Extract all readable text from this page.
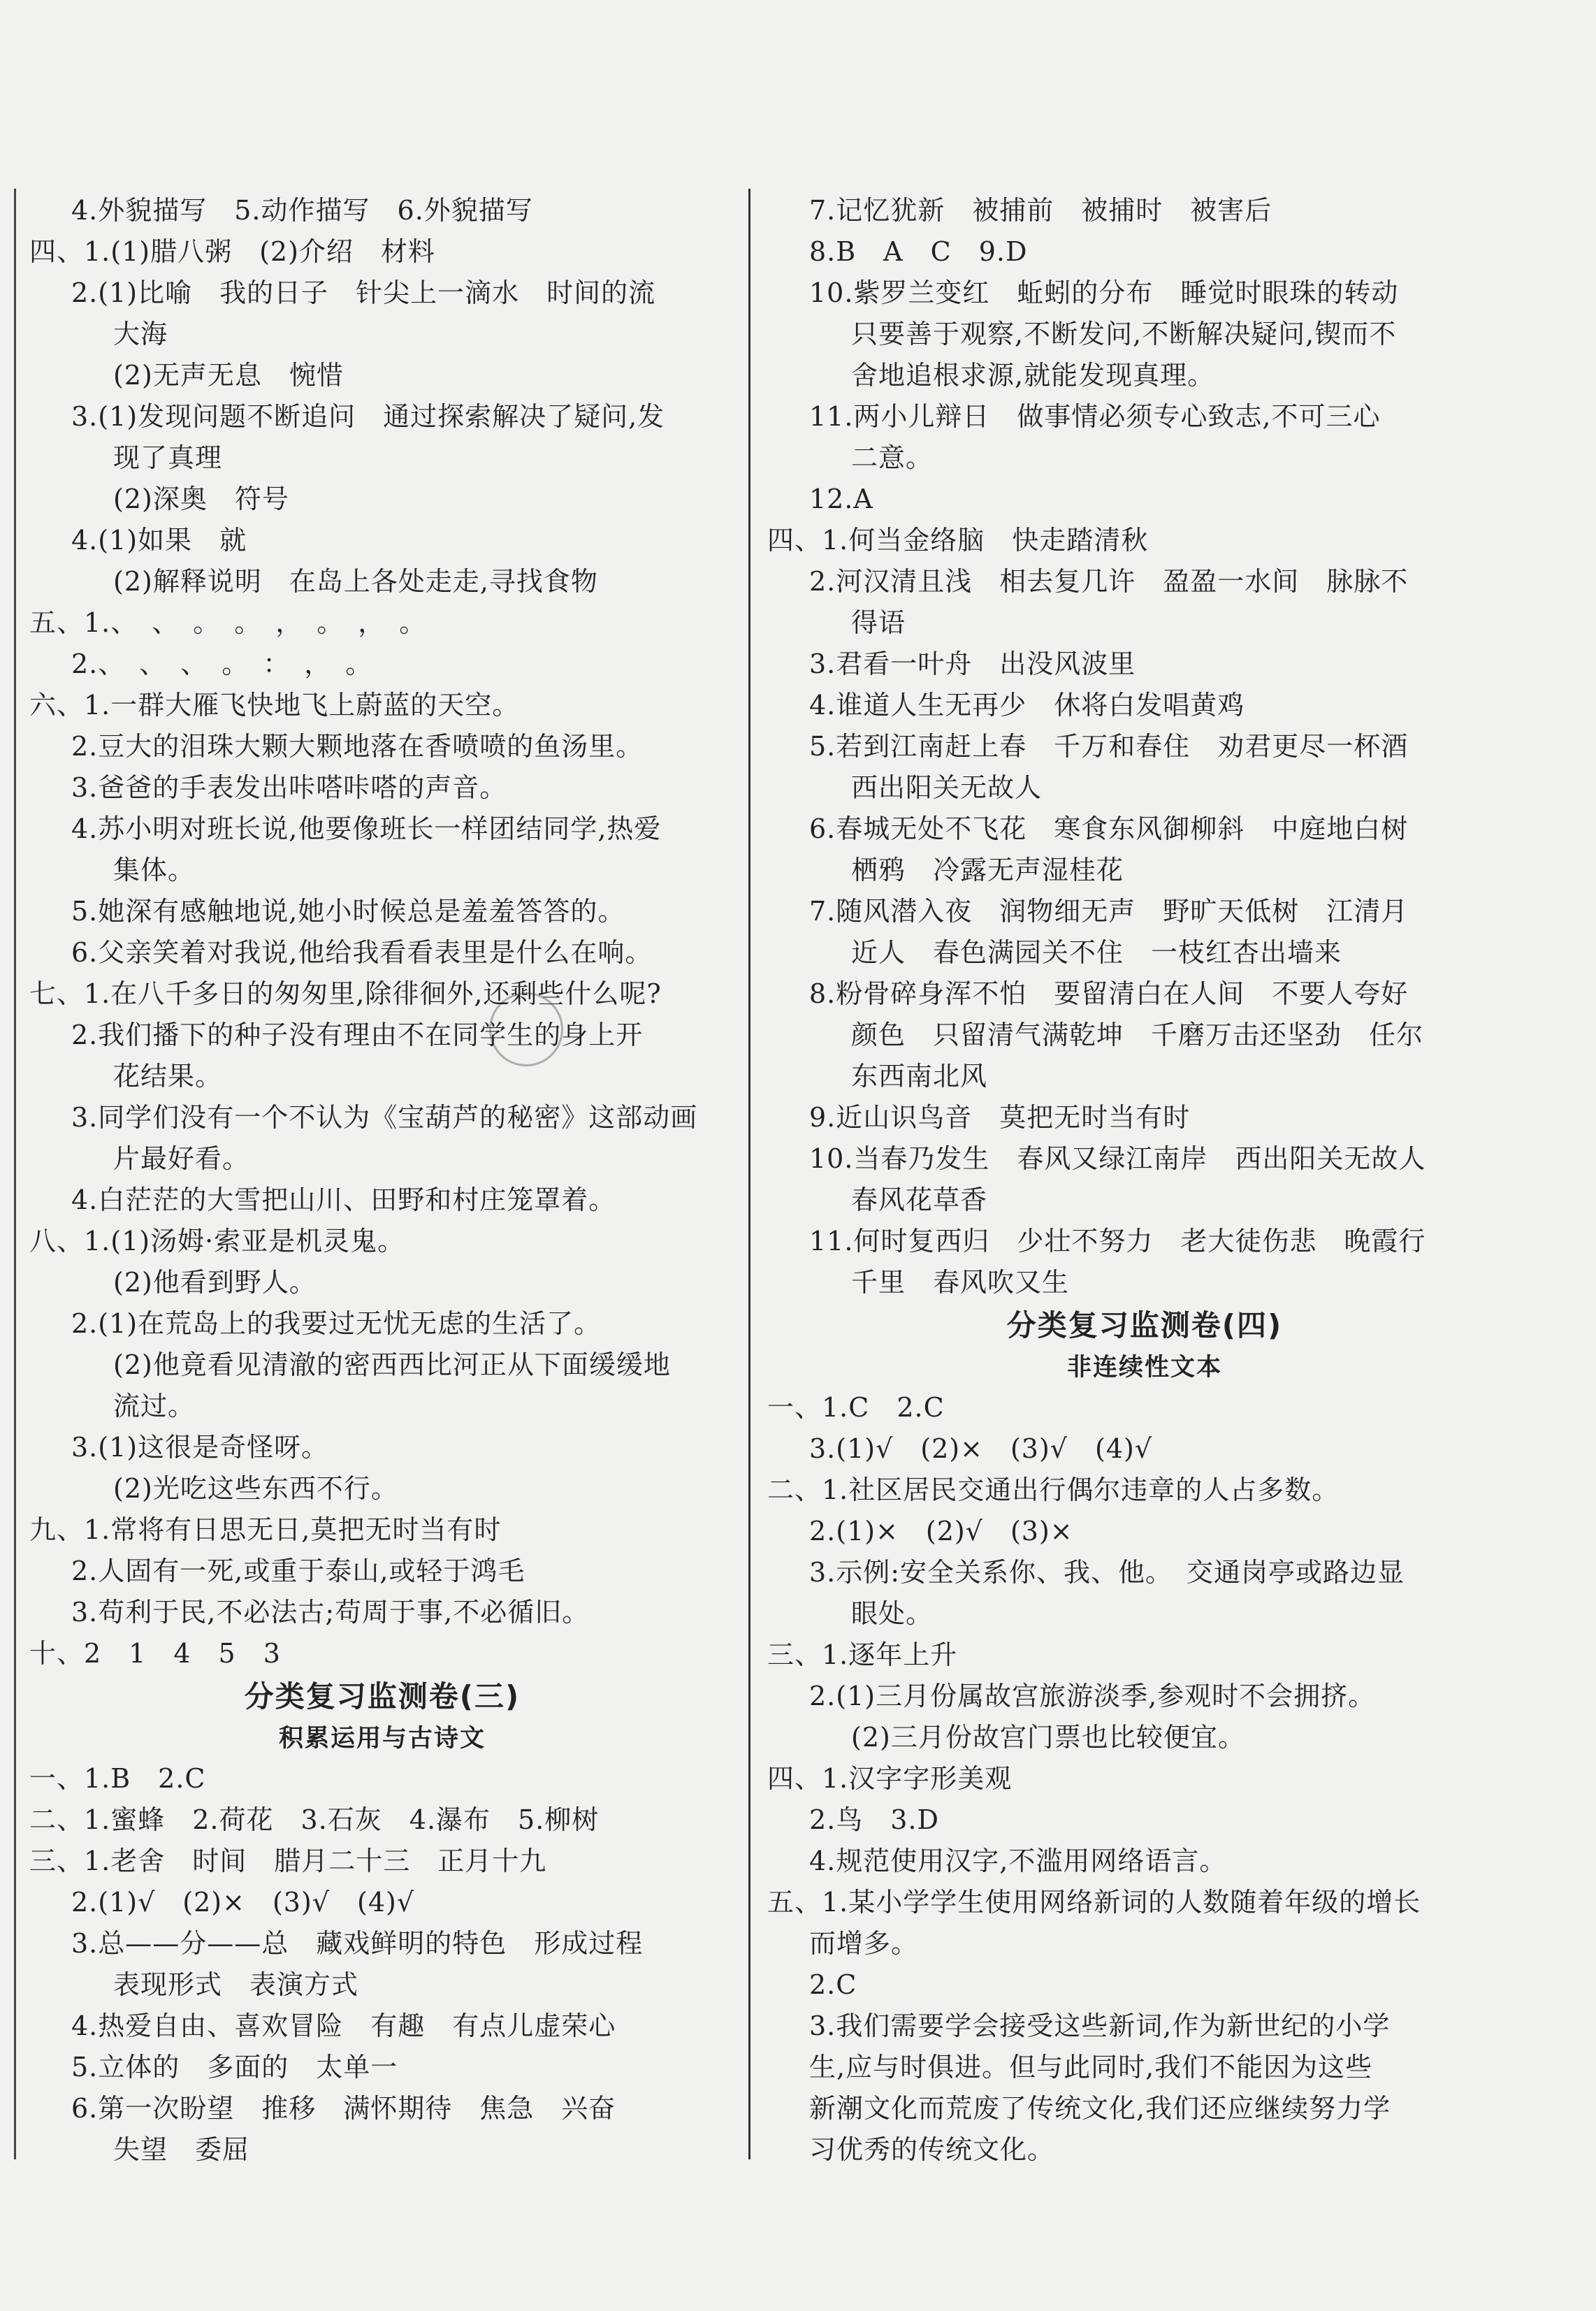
4.外貌描写　5.动作描写　6.外貌描写
四、1.(1)腊八粥　(2)介绍　材料
2.(1)比喻　我的日子　针尖上一滴水　时间的流
大海
(2)无声无息　惋惜
3.(1)发现问题不断追问　通过探索解决了疑问,发
现了真理
(2)深奥　符号
4.(1)如果　就
(2)解释说明　在岛上各处走走,寻找食物
五、1.、　、　。　。　，　。　，　。
2.、　、　、　。　：　，　。
六、1.一群大雁飞快地飞上蔚蓝的天空。
2.豆大的泪珠大颗大颗地落在香喷喷的鱼汤里。
3.爸爸的手表发出咔嗒咔嗒的声音。
4.苏小明对班长说,他要像班长一样团结同学,热爱
集体。
5.她深有感触地说,她小时候总是羞羞答答的。
6.父亲笑着对我说,他给我看看表里是什么在响。
七、1.在八千多日的匆匆里,除徘徊外,还剩些什么呢?
2.我们播下的种子没有理由不在同学生的身上开
花结果。
3.同学们没有一个不认为《宝葫芦的秘密》这部动画
片最好看。
4.白茫茫的大雪把山川、田野和村庄笼罩着。
八、1.(1)汤姆·索亚是机灵鬼。
(2)他看到野人。
2.(1)在荒岛上的我要过无忧无虑的生活了。
(2)他竟看见清澈的密西西比河正从下面缓缓地
流过。
3.(1)这很是奇怪呀。
(2)光吃这些东西不行。
九、1.常将有日思无日,莫把无时当有时
2.人固有一死,或重于泰山,或轻于鸿毛
3.苟利于民,不必法古;苟周于事,不必循旧。
十、2　1　4　5　3
分类复习监测卷(三)
积累运用与古诗文
一、1.B　2.C
二、1.蜜蜂　2.荷花　3.石灰　4.瀑布　5.柳树
三、1.老舍　时间　腊月二十三　正月十九
2.(1)√　(2)×　(3)√　(4)√
3.总——分——总　藏戏鲜明的特色　形成过程
表现形式　表演方式
4.热爱自由、喜欢冒险　有趣　有点儿虚荣心
5.立体的　多面的　太单一
6.第一次盼望　推移　满怀期待　焦急　兴奋
失望　委屈
7.记忆犹新　被捕前　被捕时　被害后
8.B　A　C　9.D
10.紫罗兰变红　蚯蚓的分布　睡觉时眼珠的转动
只要善于观察,不断发问,不断解决疑问,锲而不
舍地追根求源,就能发现真理。
11.两小儿辩日　做事情必须专心致志,不可三心
二意。
12.A
四、1.何当金络脑　快走踏清秋
2.河汉清且浅　相去复几许　盈盈一水间　脉脉不
得语
3.君看一叶舟　出没风波里
4.谁道人生无再少　休将白发唱黄鸡
5.若到江南赶上春　千万和春住　劝君更尽一杯酒
西出阳关无故人
6.春城无处不飞花　寒食东风御柳斜　中庭地白树
栖鸦　冷露无声湿桂花
7.随风潜入夜　润物细无声　野旷天低树　江清月
近人　春色满园关不住　一枝红杏出墙来
8.粉骨碎身浑不怕　要留清白在人间　不要人夸好
颜色　只留清气满乾坤　千磨万击还坚劲　任尔
东西南北风
9.近山识鸟音　莫把无时当有时
10.当春乃发生　春风又绿江南岸　西出阳关无故人
春风花草香
11.何时复西归　少壮不努力　老大徒伤悲　晚霞行
千里　春风吹又生
分类复习监测卷(四)
非连续性文本
一、1.C　2.C
3.(1)√　(2)×　(3)√　(4)√
二、1.社区居民交通出行偶尔违章的人占多数。
2.(1)×　(2)√　(3)×
3.示例:安全关系你、我、他。　交通岗亭或路边显
眼处。
三、1.逐年上升
2.(1)三月份属故宫旅游淡季,参观时不会拥挤。
(2)三月份故宫门票也比较便宜。
四、1.汉字字形美观
2.鸟　3.D
4.规范使用汉字,不滥用网络语言。
五、1.某小学学生使用网络新词的人数随着年级的增长
而增多。
2.C
3.我们需要学会接受这些新词,作为新世纪的小学
生,应与时俱进。但与此同时,我们不能因为这些
新潮文化而荒废了传统文化,我们还应继续努力学
习优秀的传统文化。
